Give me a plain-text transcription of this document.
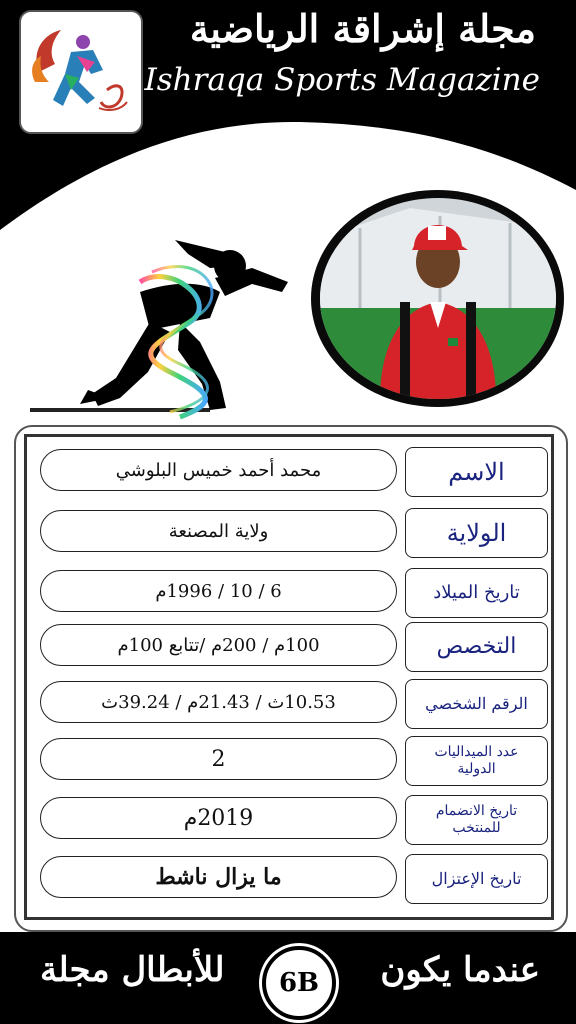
مجلة إشراقة الرياضية
Ishraqa Sports Magazine
محمد أحمد خميس البلوشي	الاسم
ولاية المصنعة	الولاية
6 / 10 / 1996م	تاريخ الميلاد
100م / 200م /تتابع 100م	التخصص
10.53ث / 21.43م / 39.24ث	الرقم الشخصي
2	عدد الميداليات الدولية
2019م	تاريخ الانضمام للمنتخب
ما يزال ناشط	تاريخ الإعتزال
عندما يكون
6B
للأبطال مجلة
